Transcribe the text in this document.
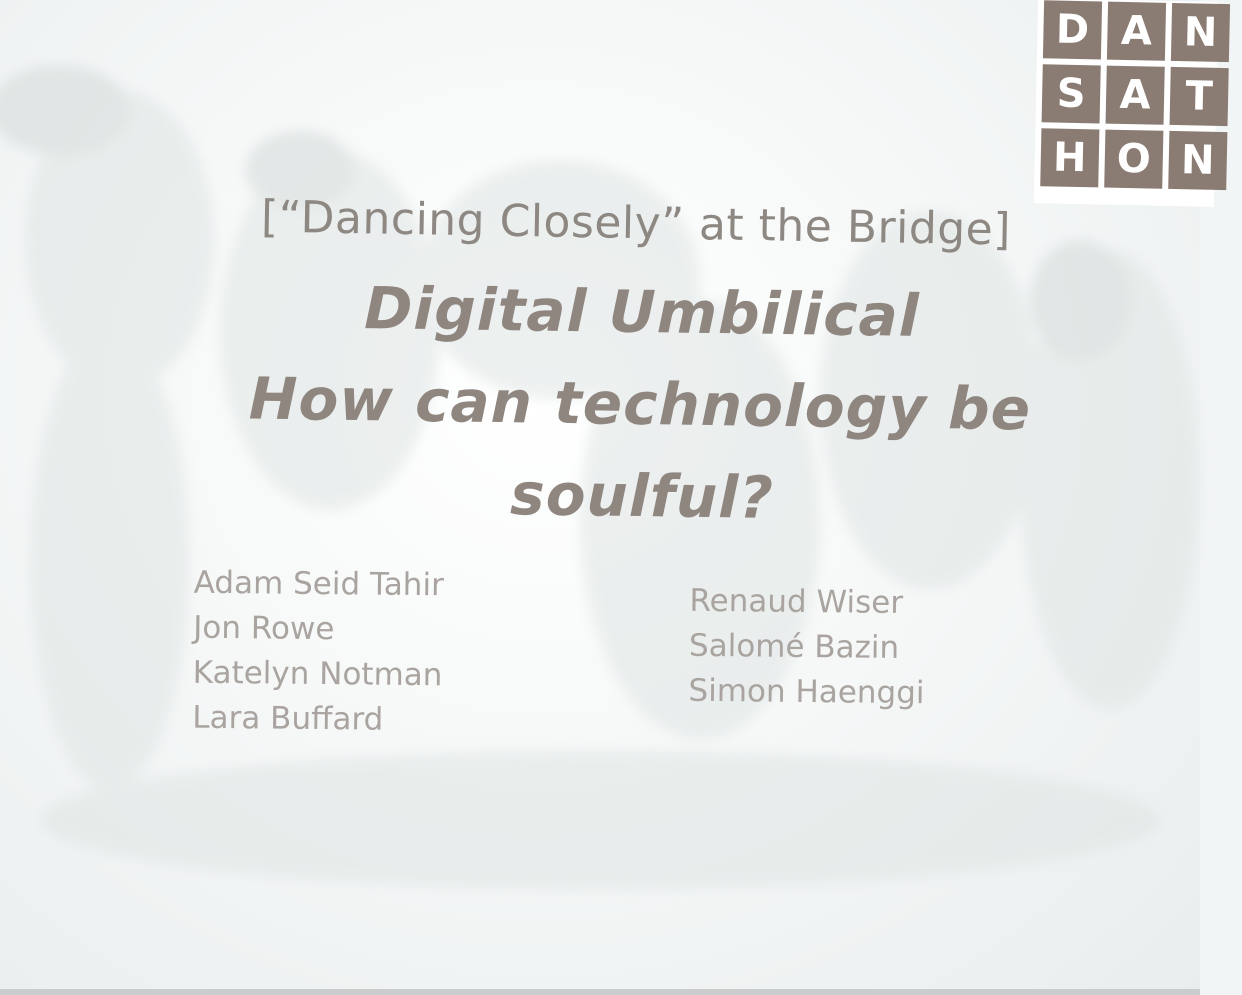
D A N
S A T
H O N
[“Dancing Closely” at the Bridge]
Digital Umbilical
How can technology be
soulful?
Adam Seid Tahir
Jon Rowe
Katelyn Notman
Lara Buffard
Renaud Wiser
Salomé Bazin
Simon Haenggi
